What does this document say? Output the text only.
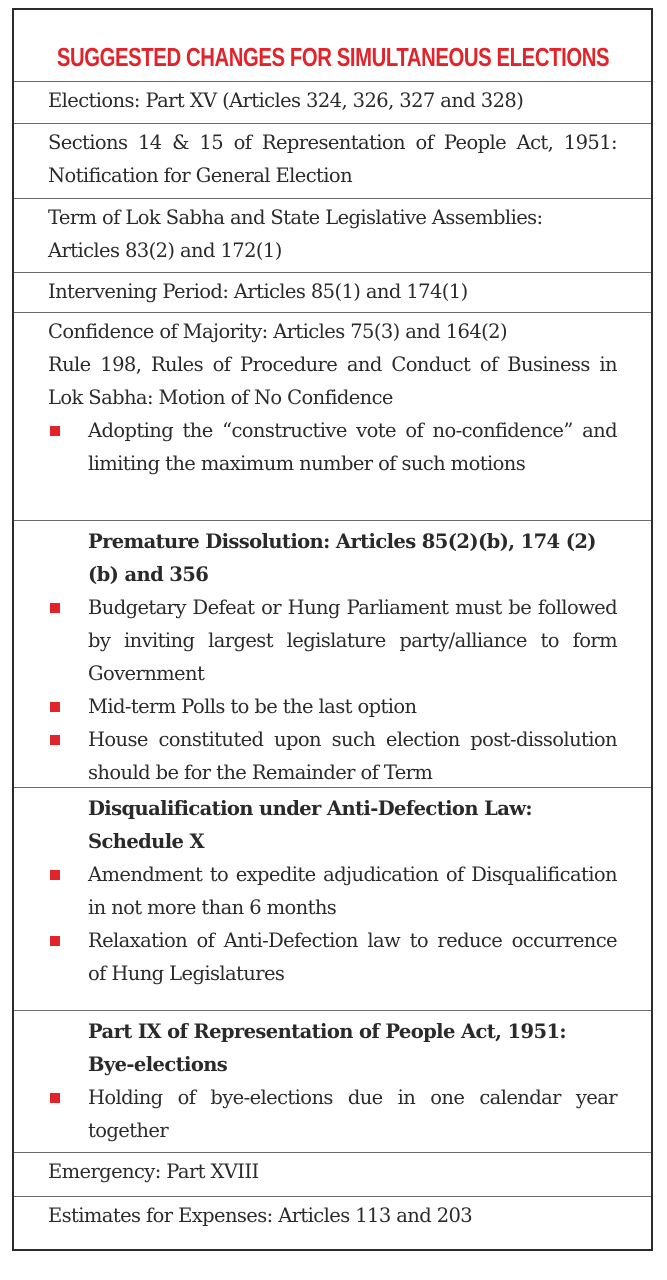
SUGGESTED CHANGES FOR SIMULTANEOUS ELECTIONS
Elections: Part XV (Articles 324, 326, 327 and 328)
Sections 14 & 15 of Representation of People Act, 1951: Notification for General Election
Term of Lok Sabha and State Legislative Assemblies: Articles 83(2) and 172(1)
Intervening Period: Articles 85(1) and 174(1)
Confidence of Majority: Articles 75(3) and 164(2)
Rule 198, Rules of Procedure and Conduct of Business in Lok Sabha: Motion of No Confidence
Adopting the “constructive vote of no-confidence” and limiting the maximum number of such motions
Premature Dissolution: Articles 85(2)(b), 174 (2)(b) and 356
Budgetary Defeat or Hung Parliament must be followed by inviting largest legislature party/alliance to form Government
Mid-term Polls to be the last option
House constituted upon such election post-dissolution should be for the Remainder of Term
Disqualification under Anti-Defection Law: Schedule X
Amendment to expedite adjudication of Disqualification in not more than 6 months
Relaxation of Anti-Defection law to reduce occurrence of Hung Legislatures
Part IX of Representation of People Act, 1951: Bye-elections
Holding of bye-elections due in one calendar year together
Emergency: Part XVIII
Estimates for Expenses: Articles 113 and 203
